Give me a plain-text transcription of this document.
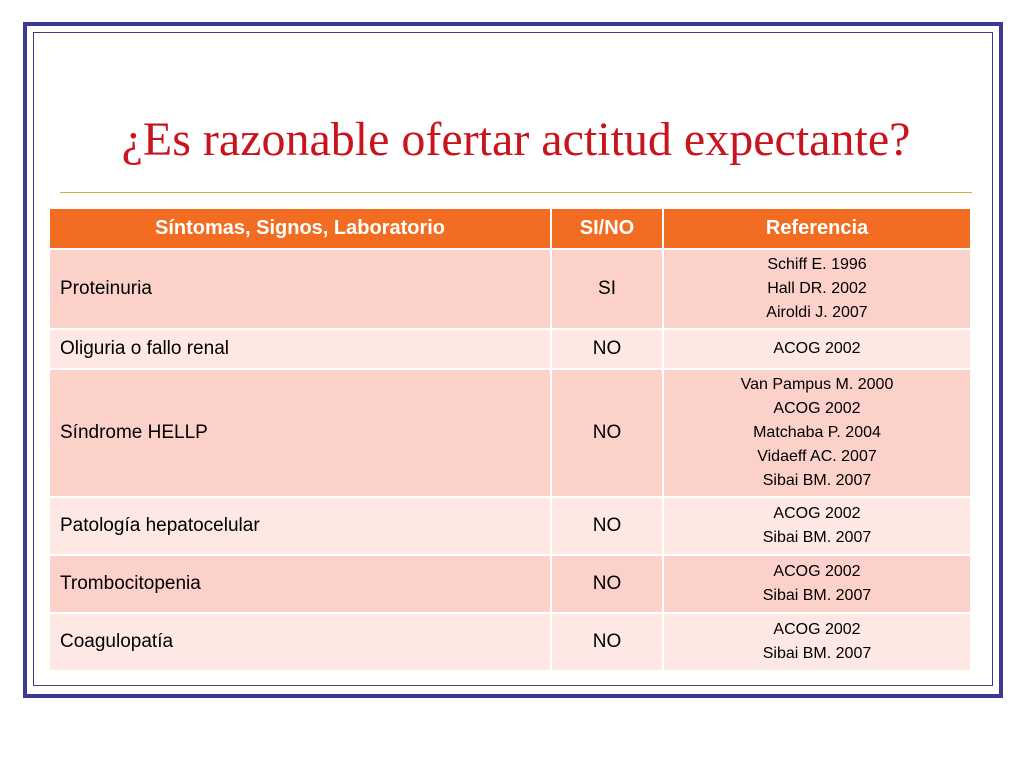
¿Es razonable ofertar actitud expectante?
Síntomas, Signos, Laboratorio	SI/NO	Referencia
Proteinuria	SI	Schiff E. 1996
Hall DR. 2002
Airoldi J. 2007

Oliguria o fallo renal	NO	ACOG 2002

Síndrome HELLP	NO	Van Pampus M. 2000
ACOG 2002
Matchaba P. 2004
Vidaeff AC. 2007
Sibai BM. 2007

Patología hepatocelular	NO	ACOG 2002
Sibai BM. 2007

Trombocitopenia	NO	ACOG 2002
Sibai BM. 2007

Coagulopatía	NO	ACOG 2002
Sibai BM. 2007
